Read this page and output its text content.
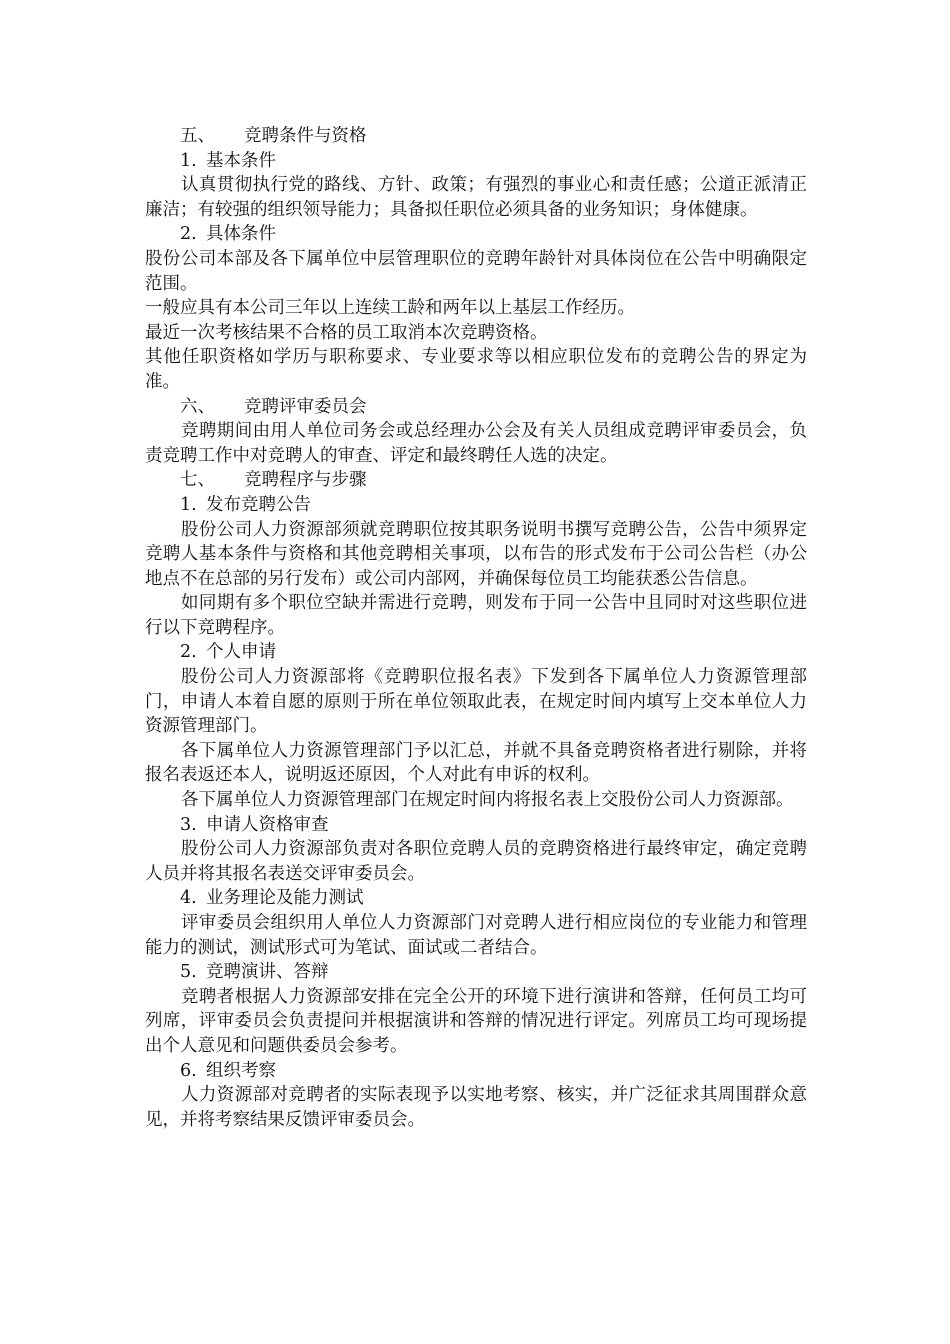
五、 竞聘条件与资格

1. 基本条件

认真贯彻执行党的路线、方针、政策；有强烈的事业心和责任感；公道正派清正廉洁；有较强的组织领导能力；具备拟任职位必须具备的业务知识；身体健康。

2. 具体条件

股份公司本部及各下属单位中层管理职位的竞聘年龄针对具体岗位在公告中明确限定范围。

一般应具有本公司三年以上连续工龄和两年以上基层工作经历。

最近一次考核结果不合格的员工取消本次竞聘资格。

其他任职资格如学历与职称要求、专业要求等以相应职位发布的竞聘公告的界定为准。

六、 竞聘评审委员会

竞聘期间由用人单位司务会或总经理办公会及有关人员组成竞聘评审委员会，负责竞聘工作中对竞聘人的审查、评定和最终聘任人选的决定。

七、 竞聘程序与步骤

1. 发布竞聘公告

股份公司人力资源部须就竞聘职位按其职务说明书撰写竞聘公告，公告中须界定竞聘人基本条件与资格和其他竞聘相关事项，以布告的形式发布于公司公告栏（办公地点不在总部的另行发布）或公司内部网，并确保每位员工均能获悉公告信息。

如同期有多个职位空缺并需进行竞聘，则发布于同一公告中且同时对这些职位进行以下竞聘程序。

2. 个人申请

股份公司人力资源部将《竞聘职位报名表》下发到各下属单位人力资源管理部门，申请人本着自愿的原则于所在单位领取此表，在规定时间内填写上交本单位人力资源管理部门。

各下属单位人力资源管理部门予以汇总，并就不具备竞聘资格者进行剔除，并将报名表返还本人，说明返还原因，个人对此有申诉的权利。

各下属单位人力资源管理部门在规定时间内将报名表上交股份公司人力资源部。

3. 申请人资格审查

股份公司人力资源部负责对各职位竞聘人员的竞聘资格进行最终审定，确定竞聘人员并将其报名表送交评审委员会。

4. 业务理论及能力测试

评审委员会组织用人单位人力资源部门对竞聘人进行相应岗位的专业能力和管理能力的测试，测试形式可为笔试、面试或二者结合。

5. 竞聘演讲、答辩

竞聘者根据人力资源部安排在完全公开的环境下进行演讲和答辩，任何员工均可列席，评审委员会负责提问并根据演讲和答辩的情况进行评定。列席员工均可现场提出个人意见和问题供委员会参考。

6. 组织考察

人力资源部对竞聘者的实际表现予以实地考察、核实，并广泛征求其周围群众意见，并将考察结果反馈评审委员会。
